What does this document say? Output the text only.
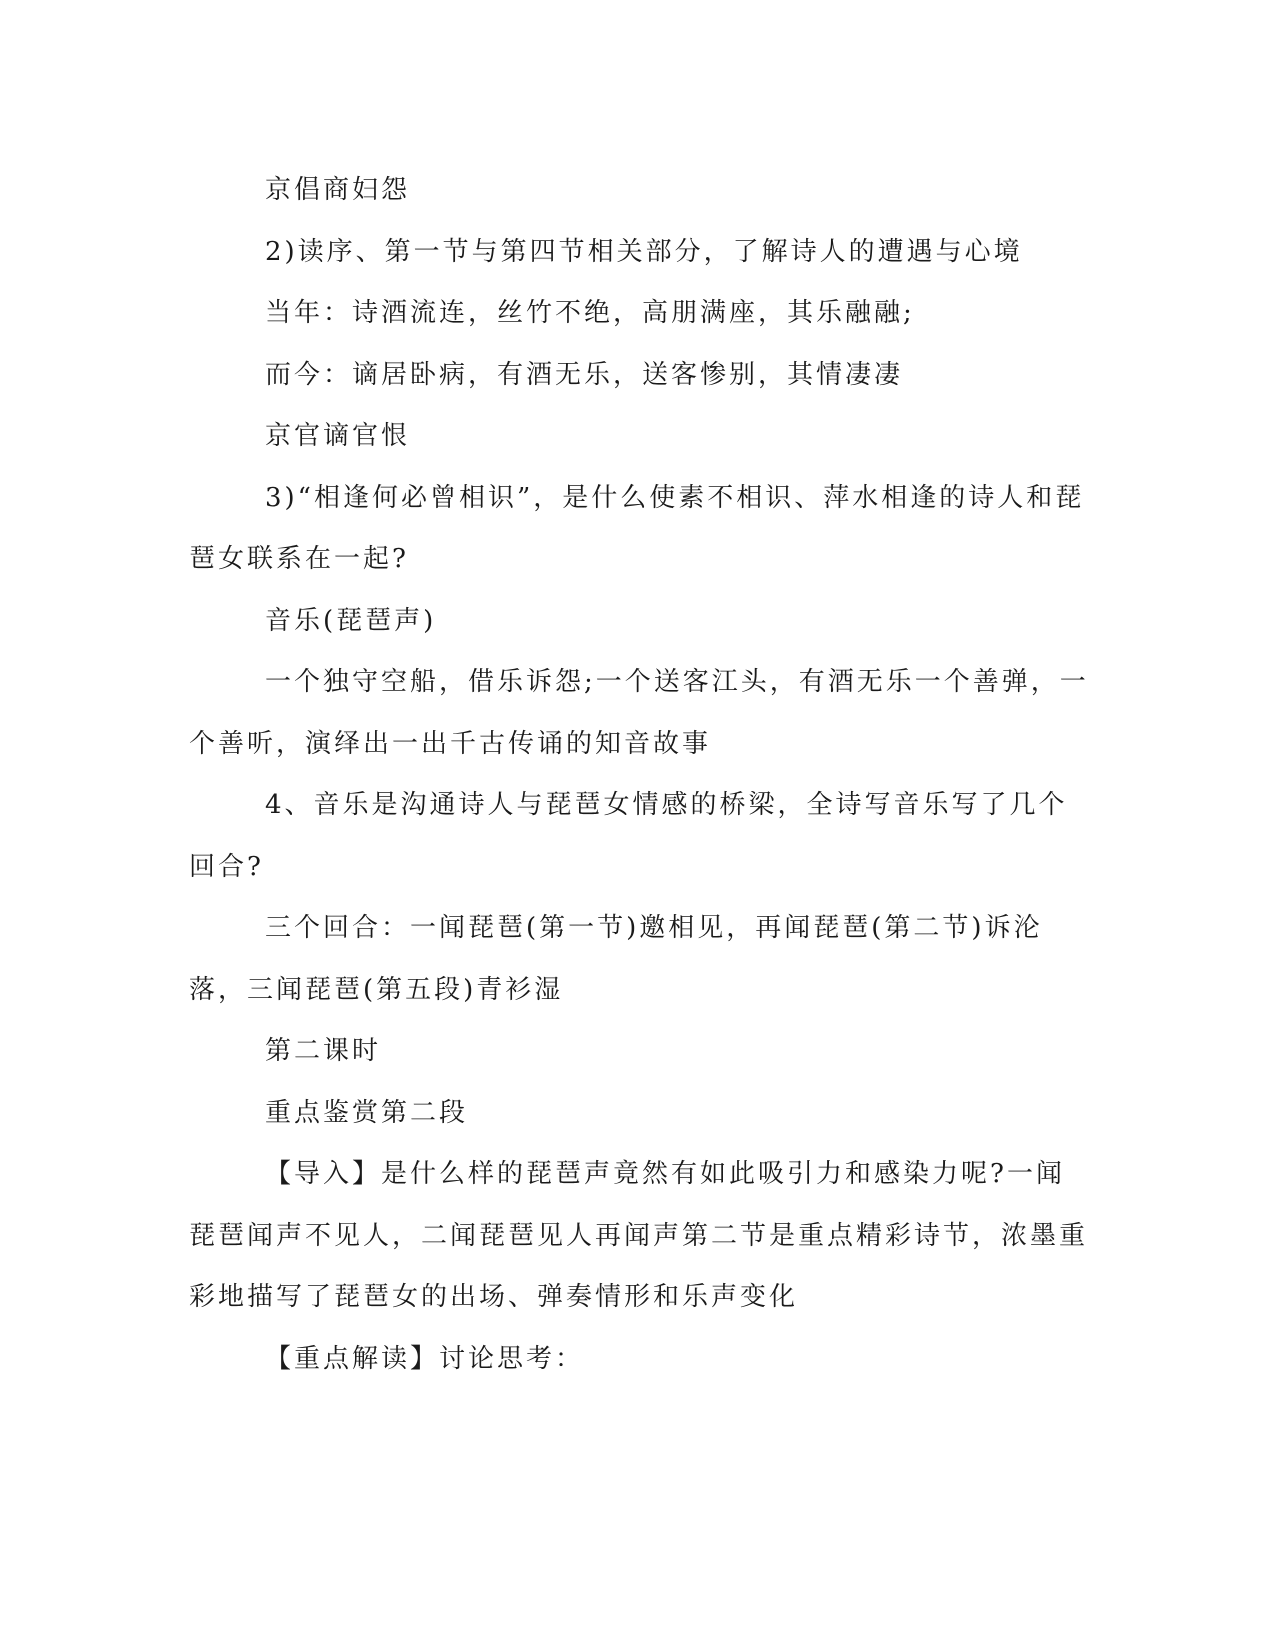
京倡商妇怨

2)读序、第一节与第四节相关部分，了解诗人的遭遇与心境

当年：诗酒流连，丝竹不绝，高朋满座，其乐融融;

而今：谪居卧病，有酒无乐，送客惨别，其情凄凄

京官谪官恨

3)“相逢何必曾相识”，是什么使素不相识、萍水相逢的诗人和琵琶女联系在一起?

音乐(琵琶声)

一个独守空船，借乐诉怨;一个送客江头，有酒无乐一个善弹，一个善听，演绎出一出千古传诵的知音故事

4、音乐是沟通诗人与琵琶女情感的桥梁，全诗写音乐写了几个回合?

三个回合：一闻琵琶(第一节)邀相见，再闻琵琶(第二节)诉沦落，三闻琵琶(第五段)青衫湿

第二课时

重点鉴赏第二段

【导入】是什么样的琵琶声竟然有如此吸引力和感染力呢?一闻琵琶闻声不见人，二闻琵琶见人再闻声第二节是重点精彩诗节，浓墨重彩地描写了琵琶女的出场、弹奏情形和乐声变化

【重点解读】讨论思考：
